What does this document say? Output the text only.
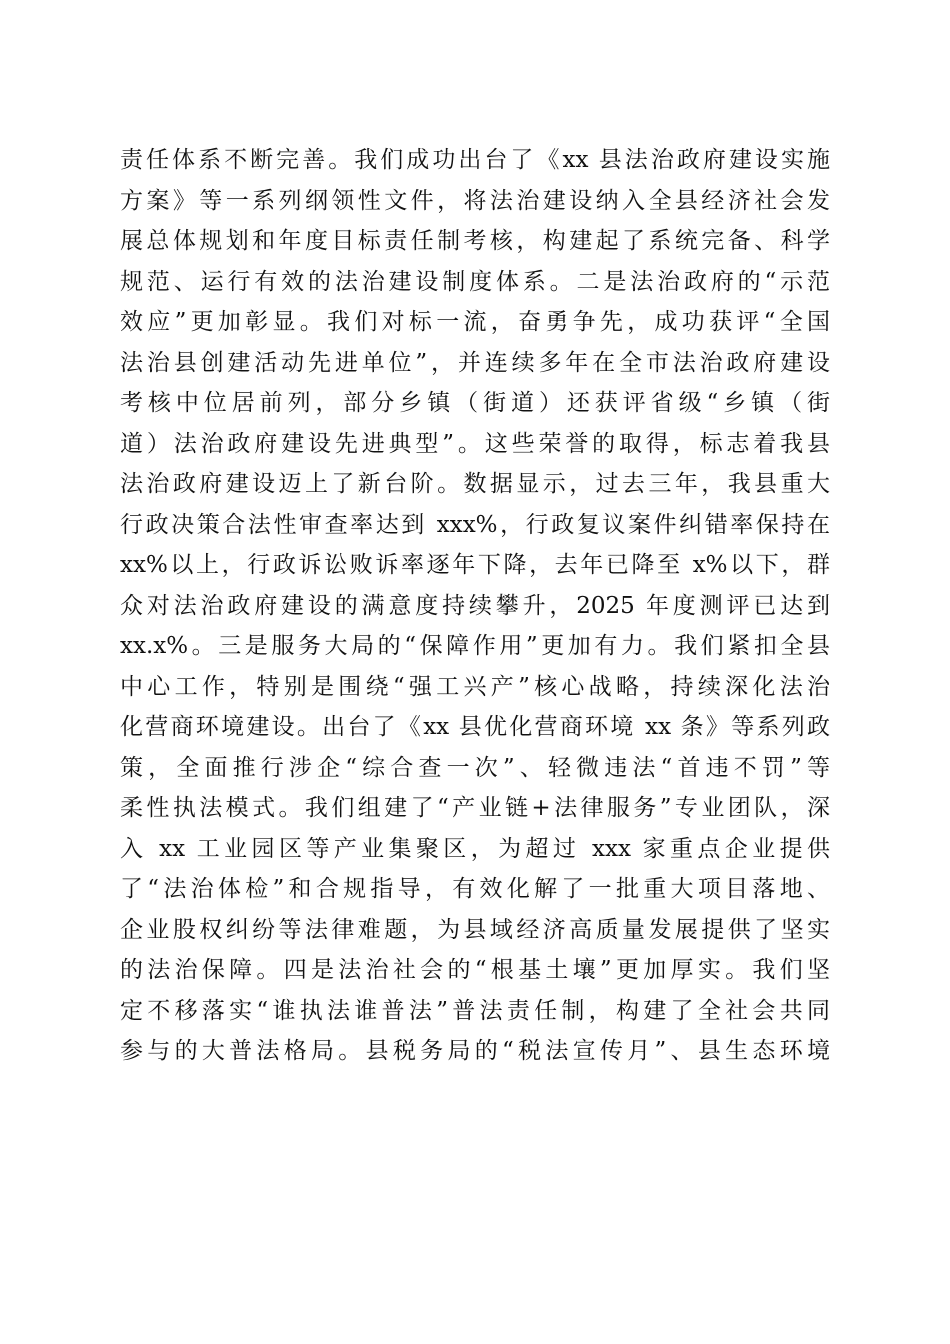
责任体系不断完善。我们成功出台了《xx 县法治政府建设实施
方案》等一系列纲领性文件，将法治建设纳入全县经济社会发
展总体规划和年度目标责任制考核，构建起了系统完备、科学
规范、运行有效的法治建设制度体系。二是法治政府的“示范
效应”更加彰显。我们对标一流，奋勇争先，成功获评“全国
法治县创建活动先进单位”，并连续多年在全市法治政府建设
考核中位居前列，部分乡镇（街道）还获评省级“乡镇（街
道）法治政府建设先进典型”。这些荣誉的取得，标志着我县
法治政府建设迈上了新台阶。数据显示，过去三年，我县重大
行政决策合法性审查率达到 xxx%，行政复议案件纠错率保持在
xx%以上，行政诉讼败诉率逐年下降，去年已降至 x%以下，群
众对法治政府建设的满意度持续攀升，2025 年度测评已达到
xx.x%。三是服务大局的“保障作用”更加有力。我们紧扣全县
中心工作，特别是围绕“强工兴产”核心战略，持续深化法治
化营商环境建设。出台了《xx 县优化营商环境 xx 条》等系列政
策，全面推行涉企“综合查一次”、轻微违法“首违不罚”等
柔性执法模式。我们组建了“产业链+法律服务”专业团队，深
入 xx 工业园区等产业集聚区，为超过 xxx 家重点企业提供
了“法治体检”和合规指导，有效化解了一批重大项目落地、
企业股权纠纷等法律难题，为县域经济高质量发展提供了坚实
的法治保障。四是法治社会的“根基土壤”更加厚实。我们坚
定不移落实“谁执法谁普法”普法责任制，构建了全社会共同
参与的大普法格局。县税务局的“税法宣传月”、县生态环境
